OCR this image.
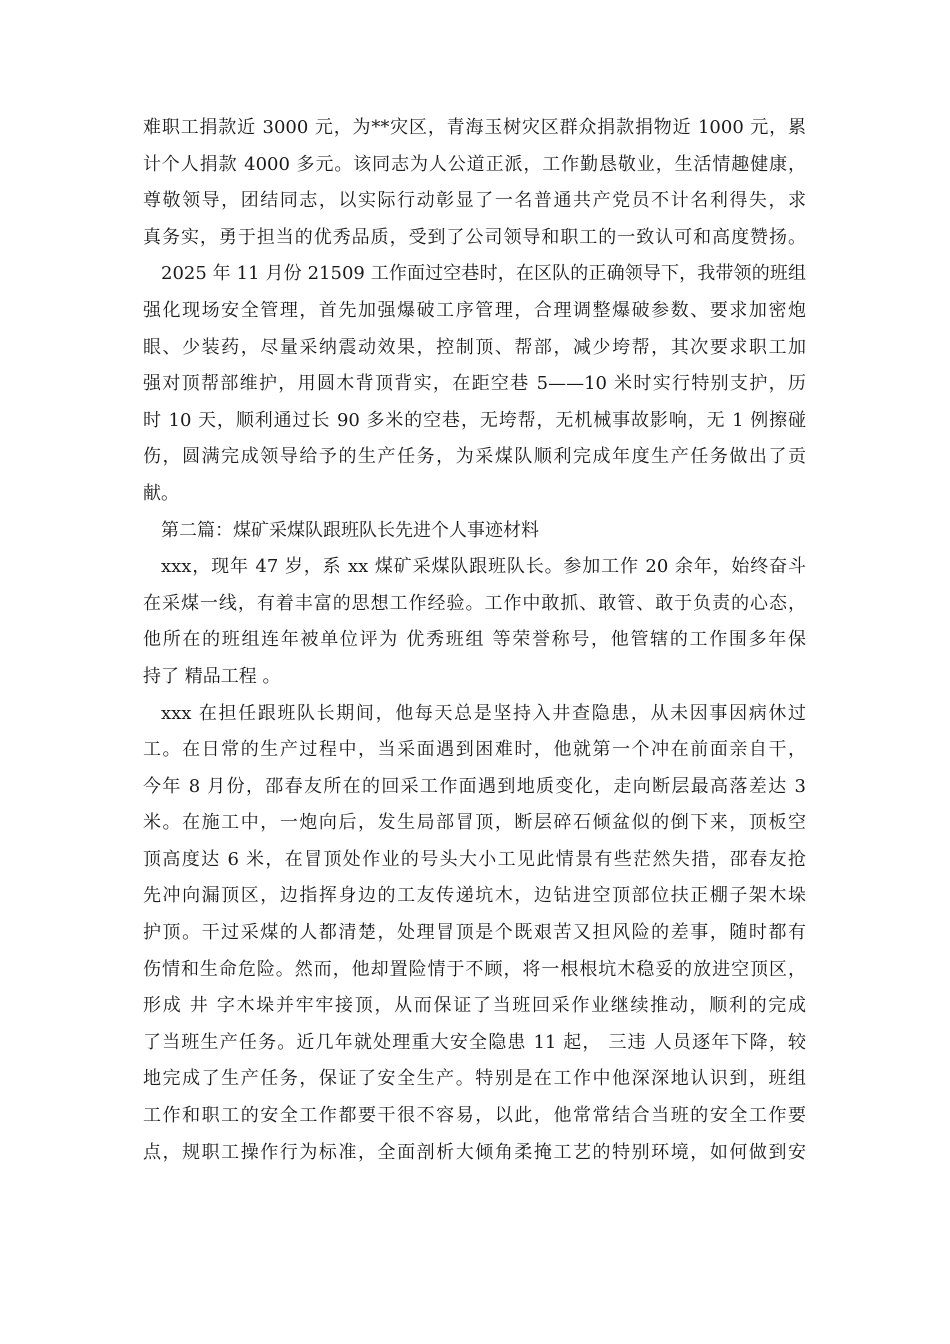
难职工捐款近 3000 元，为**灾区，青海玉树灾区群众捐款捐物近 1000 元，累
计个人捐款 4000 多元。该同志为人公道正派，工作勤恳敬业，生活情趣健康，
尊敬领导，团结同志，以实际行动彰显了一名普通共产党员不计名利得失，求
真务实，勇于担当的优秀品质，受到了公司领导和职工的一致认可和高度赞扬。
2025 年 11 月份 21509 工作面过空巷时，在区队的正确领导下，我带领的班组
强化现场安全管理，首先加强爆破工序管理，合理调整爆破参数、要求加密炮
眼、少装药，尽量采纳震动效果，控制顶、帮部，减少垮帮，其次要求职工加
强对顶帮部维护，用圆木背顶背实，在距空巷 5——10 米时实行特别支护，历
时 10 天，顺利通过长 90 多米的空巷，无垮帮，无机械事故影响，无 1 例擦碰
伤，圆满完成领导给予的生产任务，为采煤队顺利完成年度生产任务做出了贡
献。
第二篇：煤矿采煤队跟班队长先进个人事迹材料
xxx，现年 47 岁，系 xx 煤矿采煤队跟班队长。参加工作 20 余年，始终奋斗
在采煤一线，有着丰富的思想工作经验。工作中敢抓、敢管、敢于负责的心态，
他所在的班组连年被单位评为 优秀班组 等荣誉称号，他管辖的工作围多年保
持了 精品工程 。
xxx 在担任跟班队长期间，他每天总是坚持入井查隐患，从未因事因病休过
工。在日常的生产过程中，当采面遇到困难时，他就第一个冲在前面亲自干，
今年 8 月份，邵春友所在的回采工作面遇到地质变化，走向断层最高落差达 3
米。在施工中，一炮向后，发生局部冒顶，断层碎石倾盆似的倒下来，顶板空
顶高度达 6 米，在冒顶处作业的号头大小工见此情景有些茫然失措，邵春友抢
先冲向漏顶区，边指挥身边的工友传递坑木，边钻进空顶部位扶正棚子架木垛
护顶。干过采煤的人都清楚，处理冒顶是个既艰苦又担风险的差事，随时都有
伤情和生命危险。然而，他却置险情于不顾，将一根根坑木稳妥的放进空顶区，
形成 井 字木垛并牢牢接顶，从而保证了当班回采作业继续推动，顺利的完成
了当班生产任务。近几年就处理重大安全隐患 11 起， 三违 人员逐年下降，较
地完成了生产任务，保证了安全生产。特别是在工作中他深深地认识到，班组
工作和职工的安全工作都要干很不容易，以此，他常常结合当班的安全工作要
点，规职工操作行为标准，全面剖析大倾角柔掩工艺的特别环境，如何做到安
